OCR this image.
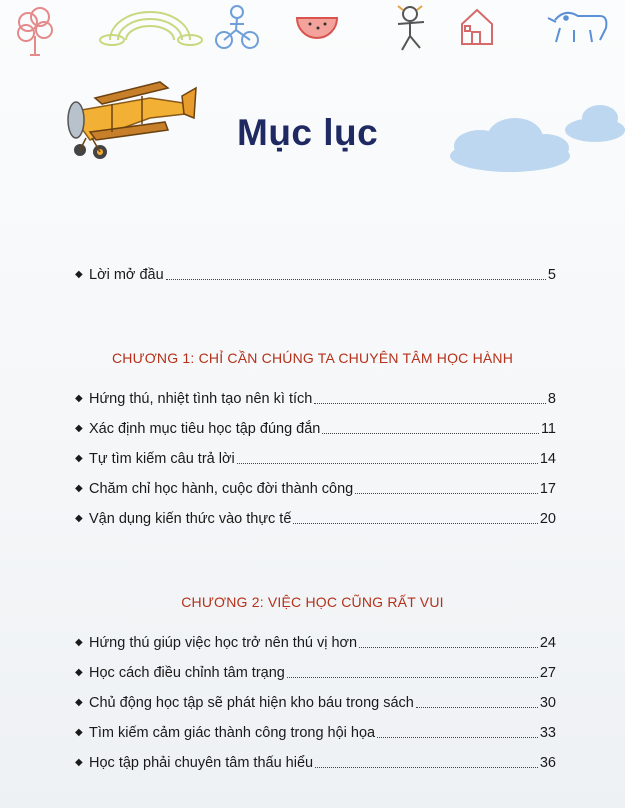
Mục lục
◆ Lời mở đầu	5
CHƯƠNG 1: CHỈ CẦN CHÚNG TA CHUYÊN TÂM HỌC HÀNH
◆ Hứng thú, nhiệt tình tạo nên kì tích	8
◆ Xác định mục tiêu học tập đúng đắn	11
◆ Tự tìm kiếm câu trả lời	14
◆ Chăm chỉ học hành, cuộc đời thành công	17
◆ Vận dụng kiến thức vào thực tế	20
CHƯƠNG 2: VIỆC HỌC CŨNG RẤT VUI
◆ Hứng thú giúp việc học trở nên thú vị hơn	24
◆ Học cách điều chỉnh tâm trạng	27
◆ Chủ động học tập sẽ phát hiện kho báu trong sách	30
◆ Tìm kiếm cảm giác thành công trong hội họa	33
◆ Học tập phải chuyên tâm thấu hiểu	36
